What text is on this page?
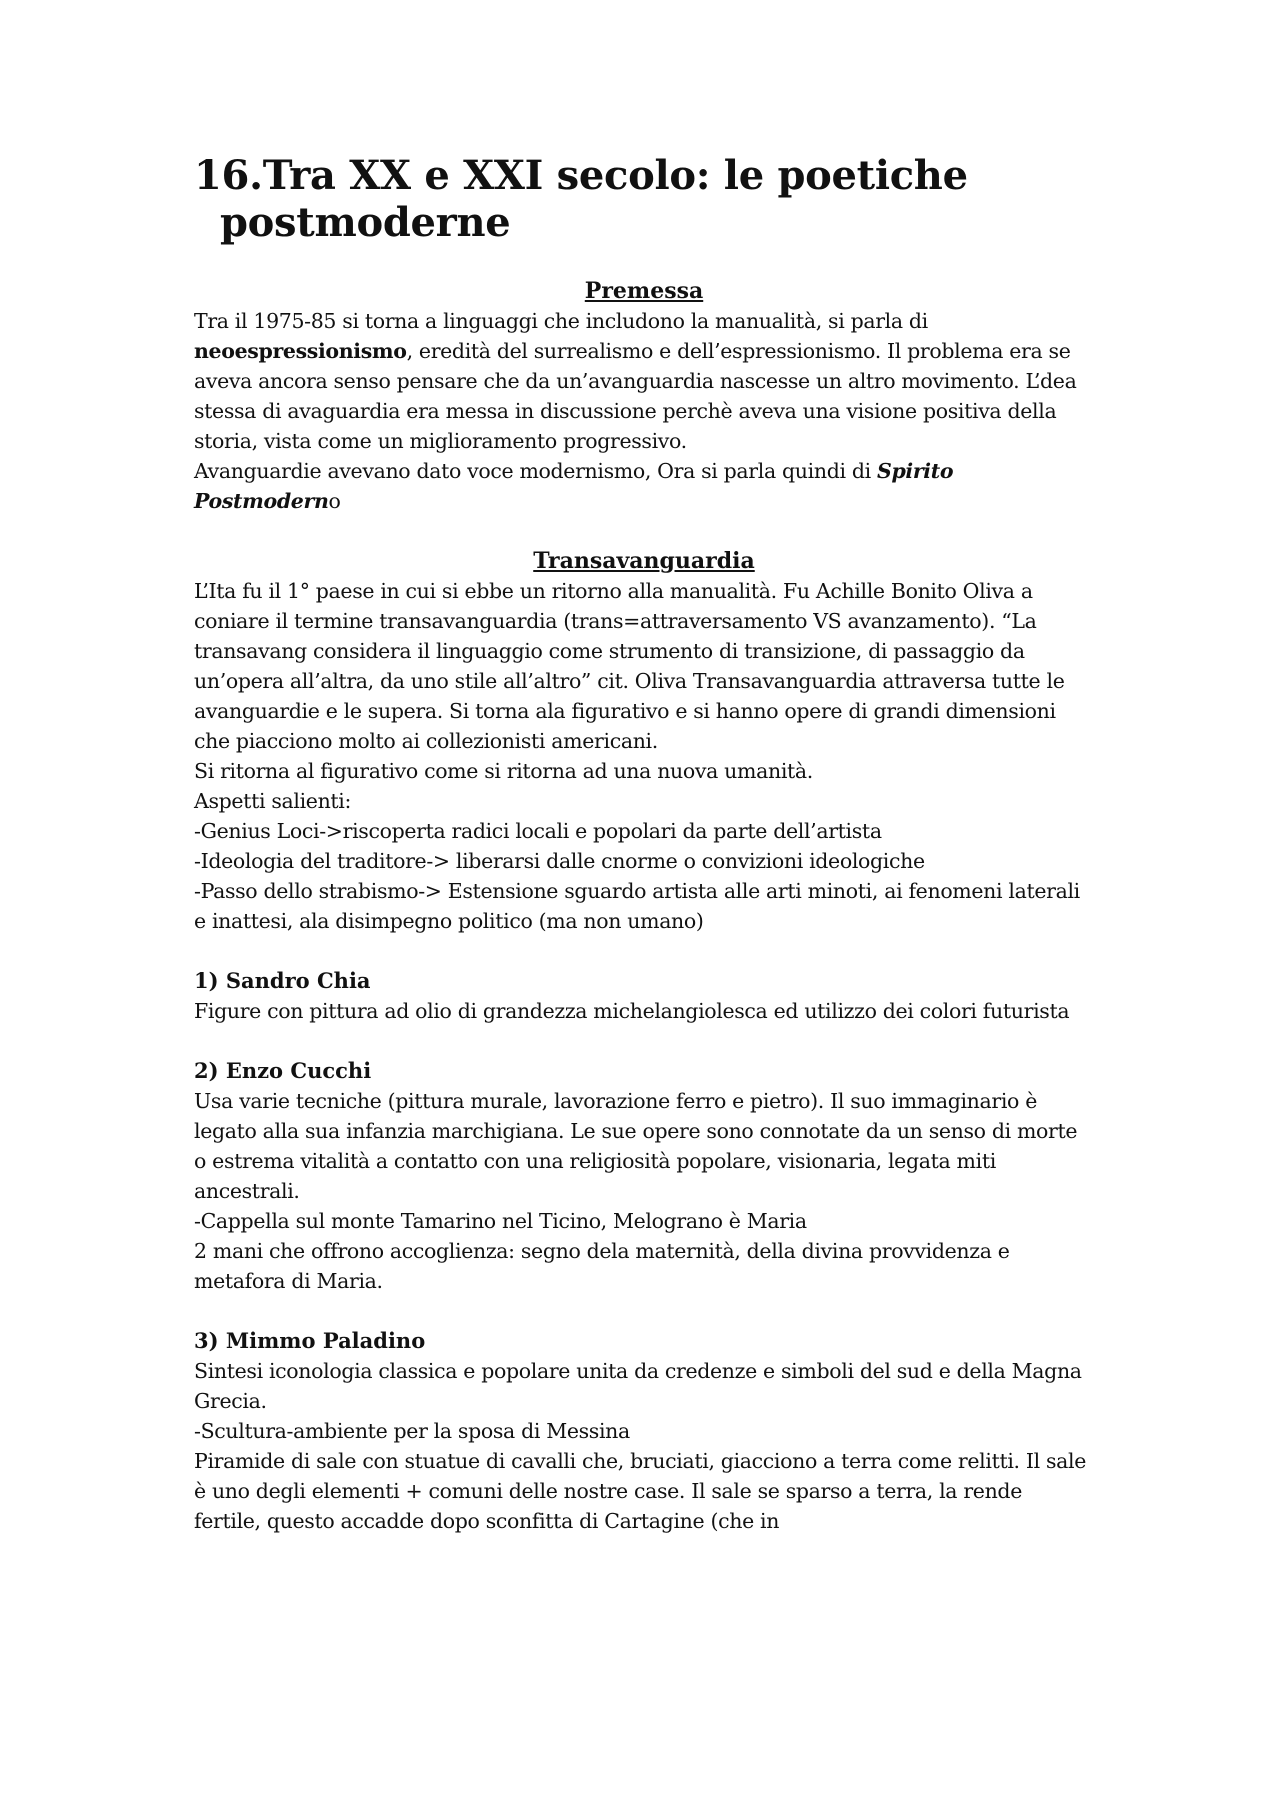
16.Tra XX e XXI secolo: le poetiche postmoderne
Premessa

Tra il 1975-85 si torna a linguaggi che includono la manualità, si parla di neoespressionismo, eredità del surrealismo e dell’espressionismo. Il problema era se aveva ancora senso pensare che da un’avanguardia nascesse un altro movimento. L’dea stessa di avaguardia era messa in discussione perchè aveva una visione positiva della storia, vista come un miglioramento progressivo.

Avanguardie avevano dato voce modernismo, Ora si parla quindi di Spirito Postmoderno

Transavanguardia

L’Ita fu il 1° paese in cui si ebbe un ritorno alla manualità. Fu Achille Bonito Oliva a coniare il termine transavanguardia (trans=attraversamento VS avanzamento). “La transavang considera il linguaggio come strumento di transizione, di passaggio da un’opera all’altra, da uno stile all’altro” cit. Oliva Transavanguardia attraversa tutte le avanguardie e le supera. Si torna ala figurativo e si hanno opere di grandi dimensioni che piacciono molto ai collezionisti americani.

Si ritorna al figurativo come si ritorna ad una nuova umanità.

Aspetti salienti:

-Genius Loci->riscoperta radici locali e popolari da parte dell’artista

-Ideologia del traditore-> liberarsi dalle cnorme o convizioni ideologiche

-Passo dello strabismo-> Estensione sguardo artista alle arti minoti, ai fenomeni laterali e inattesi, ala disimpegno politico (ma non umano)

1) Sandro Chia

Figure con pittura ad olio di grandezza michelangiolesca ed utilizzo dei colori futurista

2) Enzo Cucchi

Usa varie tecniche (pittura murale, lavorazione ferro e pietro). Il suo immaginario è legato alla sua infanzia marchigiana. Le sue opere sono connotate da un senso di morte o estrema vitalità a contatto con una religiosità popolare, visionaria, legata miti ancestrali.

-Cappella sul monte Tamarino nel Ticino, Melograno è Maria

2 mani che offrono accoglienza: segno dela maternità, della divina provvidenza e metafora di Maria.

3) Mimmo Paladino

Sintesi iconologia classica e popolare unita da credenze e simboli del sud e della Magna Grecia.

-Scultura-ambiente per la sposa di Messina

Piramide di sale con stuatue di cavalli che, bruciati, giacciono a terra come relitti. Il sale è uno degli elementi + comuni delle nostre case. Il sale se sparso a terra, la rende fertile, questo accadde dopo sconfitta di Cartagine (che in
